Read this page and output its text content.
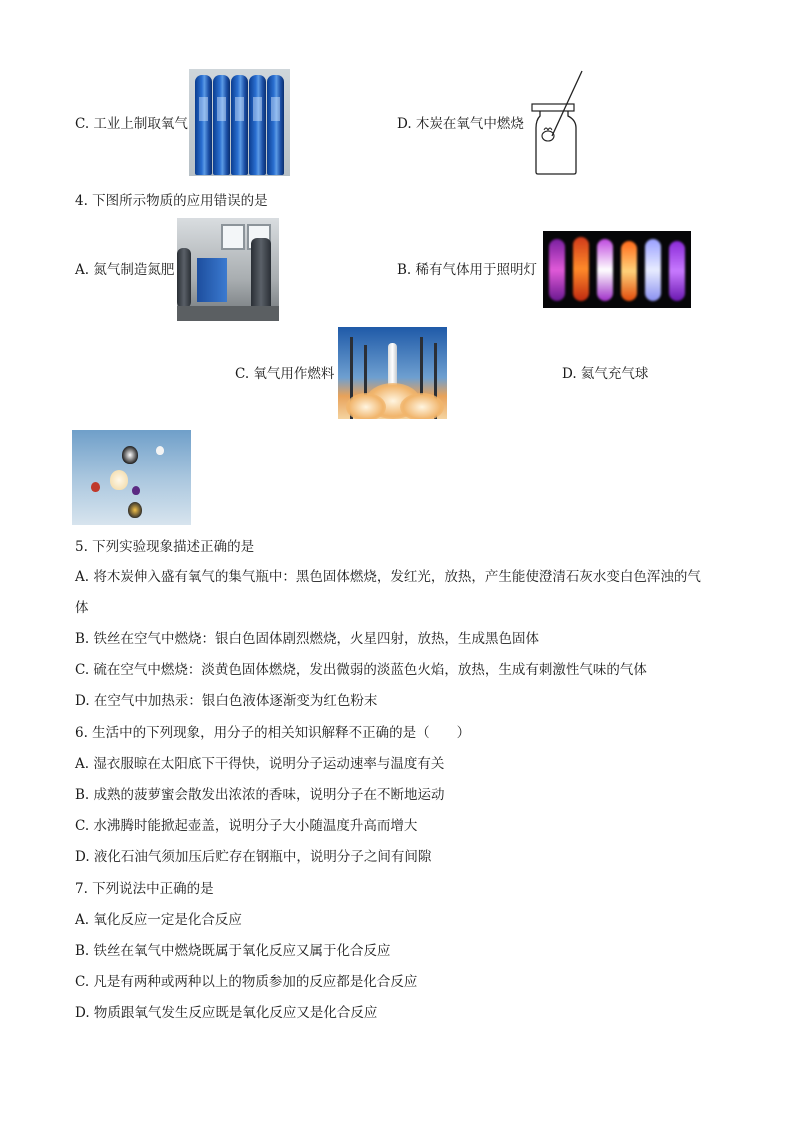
C. 工业上制取氧气	D. 木炭在氧气中燃烧
4. 下图所示物质的应用错误的是
A. 氮气制造氮肥	B. 稀有气体用于照明灯
C. 氧气用作燃料	D. 氦气充气球
5. 下列实验现象描述正确的是
A. 将木炭伸入盛有氧气的集气瓶中：黑色固体燃烧，发红光，放热，产生能使澄清石灰水变白色浑浊的气
体
B. 铁丝在空气中燃烧：银白色固体剧烈燃烧，火星四射，放热，生成黑色固体
C. 硫在空气中燃烧：淡黄色固体燃烧，发出微弱的淡蓝色火焰，放热，生成有刺激性气味的气体
D. 在空气中加热汞：银白色液体逐渐变为红色粉末
6. 生活中的下列现象，用分子的相关知识解释不正确的是（　　）
A. 湿衣服晾在太阳底下干得快，说明分子运动速率与温度有关
B. 成熟的菠萝蜜会散发出浓浓的香味，说明分子在不断地运动
C. 水沸腾时能掀起壶盖，说明分子大小随温度升高而增大
D. 液化石油气须加压后贮存在钢瓶中，说明分子之间有间隙
7. 下列说法中正确的是
A. 氧化反应一定是化合反应
B. 铁丝在氧气中燃烧既属于氧化反应又属于化合反应
C. 凡是有两种或两种以上的物质参加的反应都是化合反应
D. 物质跟氧气发生反应既是氧化反应又是化合反应
